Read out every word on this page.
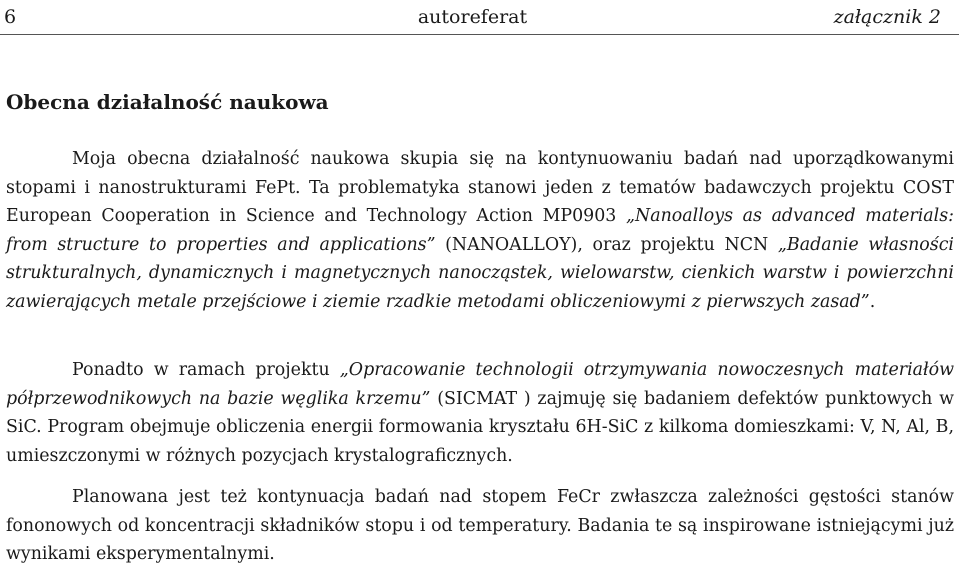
6	autoreferat	załącznik 2
Obecna działalność naukowa

Moja obecna działalność naukowa skupia się na kontynuowaniu badań nad uporządkowanymi stopami i nanostrukturami FePt. Ta problematyka stanowi jeden z tematów badawczych projektu COST European Cooperation in Science and Technology Action MP0903 „Nanoalloys as advanced materials: from structure to properties and applications” (NANOALLOY), oraz projektu NCN „Badanie własności strukturalnych, dynamicznych i magnetycznych nanocząstek, wielowarstw, cienkich warstw i powierzchni zawierających metale przejściowe i ziemie rzadkie metodami obliczeniowymi z pierwszych zasad”.

Ponadto w ramach projektu „Opracowanie technologii otrzymywania nowoczesnych materiałów półprzewodnikowych na bazie węglika krzemu” (SICMAT ) zajmuję się badaniem defektów punktowych w SiC. Program obejmuje obliczenia energii formowania kryształu 6H-SiC z kilkoma domieszkami: V, N, Al, B, umieszczonymi w różnych pozycjach krystalograficznych.

Planowana jest też kontynuacja badań nad stopem FeCr zwłaszcza zależności gęstości stanów fononowych od koncentracji składników stopu i od temperatury. Badania te są inspirowane istniejącymi już wynikami eksperymentalnymi.
